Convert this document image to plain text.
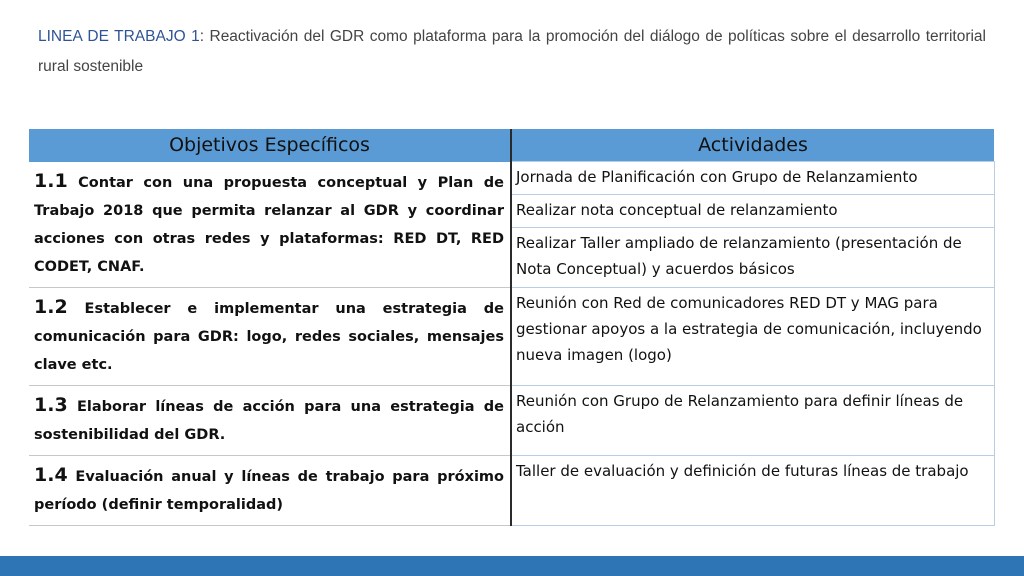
LINEA DE TRABAJO 1: Reactivación del GDR como plataforma para la promoción del diálogo de políticas sobre el desarrollo territorial rural sostenible
Objetivos Específicos	Actividades
1.1 Contar con una propuesta conceptual y Plan de Trabajo 2018 que permita relanzar al GDR y coordinar acciones con otras redes y plataformas: RED DT, RED CODET, CNAF.	Jornada de Planificación con Grupo de Relanzamiento
	Realizar nota conceptual de relanzamiento
	Realizar Taller ampliado de relanzamiento (presentación de Nota Conceptual) y acuerdos básicos
1.2 Establecer e implementar una estrategia de comunicación para GDR: logo, redes sociales, mensajes clave etc.	Reunión con Red de comunicadores RED DT y MAG para gestionar apoyos a la estrategia de comunicación, incluyendo nueva imagen (logo)
1.3 Elaborar líneas de acción para una estrategia de sostenibilidad del GDR.	Reunión con Grupo de Relanzamiento para definir líneas de acción
1.4 Evaluación anual y líneas de trabajo para próximo período (definir temporalidad)	Taller de evaluación y definición de futuras líneas de trabajo
